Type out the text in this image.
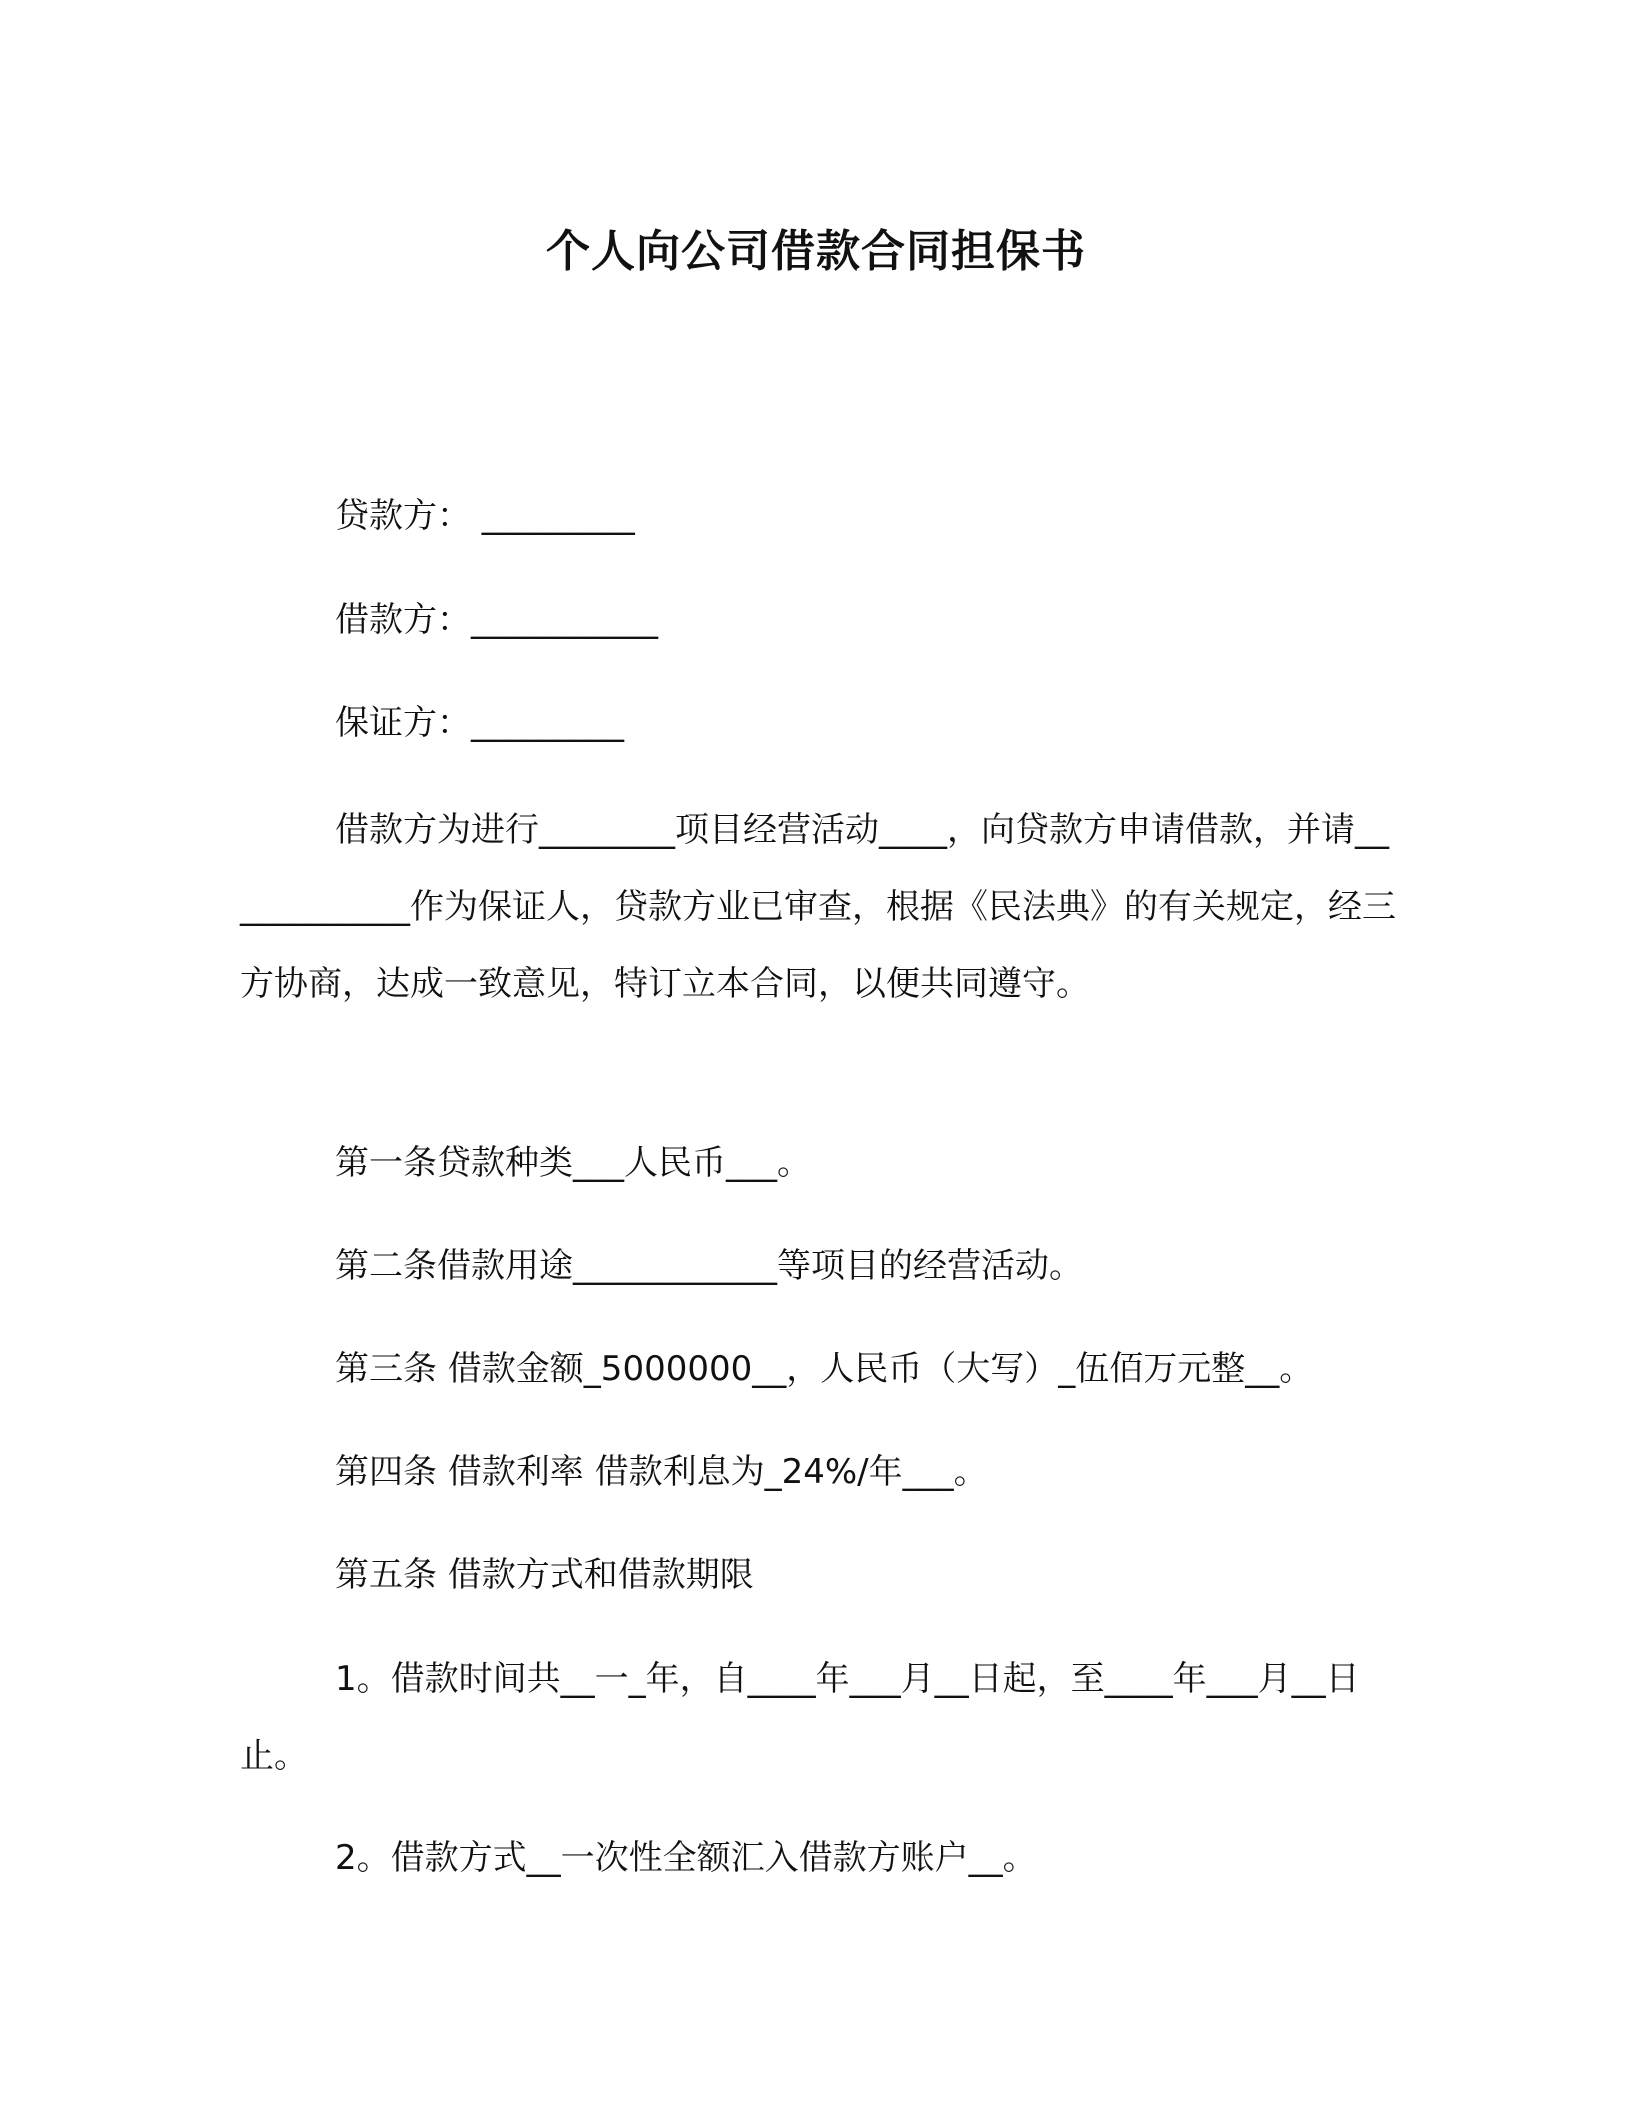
个人向公司借款合同担保书
贷款方： _________
借款方：___________
保证方：_________
借款方为进行________项目经营活动____，向贷款方申请借款，并请____________作为保证人，贷款方业已审查，根据《民法典》的有关规定，经三方协商，达成一致意见，特订立本合同，以便共同遵守。
第一条贷款种类___人民币___。
第二条借款用途____________等项目的经营活动。
第三条 借款金额_5000000__，人民币（大写）_伍佰万元整__。
第四条 借款利率 借款利息为_24%/年___。
第五条 借款方式和借款期限
1。借款时间共__一_年，自____年___月__日起，至____年___月__日止。
2。借款方式__一次性全额汇入借款方账户__。
